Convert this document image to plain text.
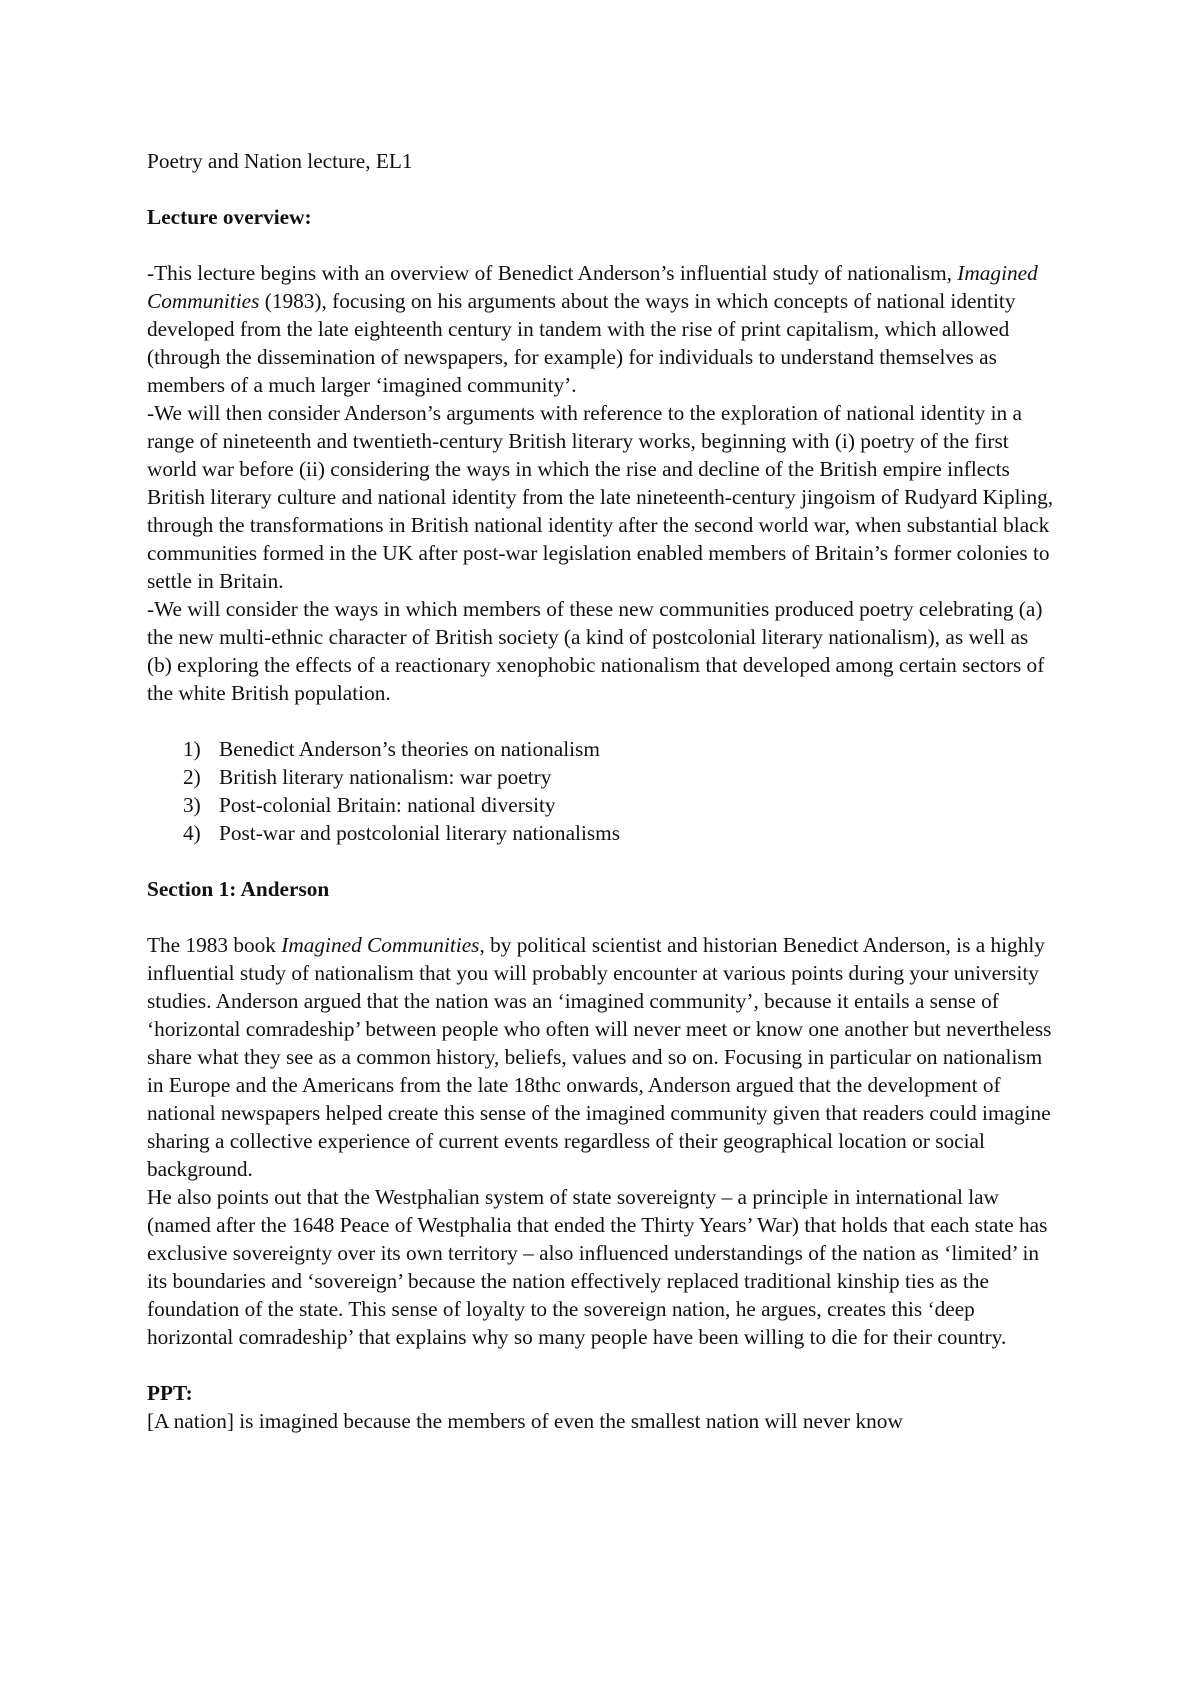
Poetry and Nation lecture, EL1

Lecture overview:

-This lecture begins with an overview of Benedict Anderson’s influential study of nationalism, Imagined Communities (1983), focusing on his arguments about the ways in which concepts of national identity developed from the late eighteenth century in tandem with the rise of print capitalism, which allowed (through the dissemination of newspapers, for example) for individuals to understand themselves as members of a much larger ‘imagined community’.

-We will then consider Anderson’s arguments with reference to the exploration of national identity in a range of nineteenth and twentieth-century British literary works, beginning with (i) poetry of the first world war before (ii) considering the ways in which the rise and decline of the British empire inflects British literary culture and national identity from the late nineteenth-century jingoism of Rudyard Kipling, through the transformations in British national identity after the second world war, when substantial black communities formed in the UK after post-war legislation enabled members of Britain’s former colonies to settle in Britain.

-We will consider the ways in which members of these new communities produced poetry celebrating (a) the new multi-ethnic character of British society (a kind of postcolonial literary nationalism), as well as (b) exploring the effects of a reactionary xenophobic nationalism that developed among certain sectors of the white British population.

1) Benedict Anderson’s theories on nationalism
2) British literary nationalism: war poetry
3) Post-colonial Britain: national diversity
4) Post-war and postcolonial literary nationalisms

Section 1: Anderson

The 1983 book Imagined Communities, by political scientist and historian Benedict Anderson, is a highly influential study of nationalism that you will probably encounter at various points during your university studies. Anderson argued that the nation was an ‘imagined community’, because it entails a sense of ‘horizontal comradeship’ between people who often will never meet or know one another but nevertheless share what they see as a common history, beliefs, values and so on. Focusing in particular on nationalism in Europe and the Americans from the late 18thc onwards, Anderson argued that the development of national newspapers helped create this sense of the imagined community given that readers could imagine sharing a collective experience of current events regardless of their geographical location or social background.

He also points out that the Westphalian system of state sovereignty – a principle in international law (named after the 1648 Peace of Westphalia that ended the Thirty Years’ War) that holds that each state has exclusive sovereignty over its own territory – also influenced understandings of the nation as ‘limited’ in its boundaries and ‘sovereign’ because the nation effectively replaced traditional kinship ties as the foundation of the state. This sense of loyalty to the sovereign nation, he argues, creates this ‘deep horizontal comradeship’ that explains why so many people have been willing to die for their country.

PPT:

[A nation] is imagined because the members of even the smallest nation will never know
